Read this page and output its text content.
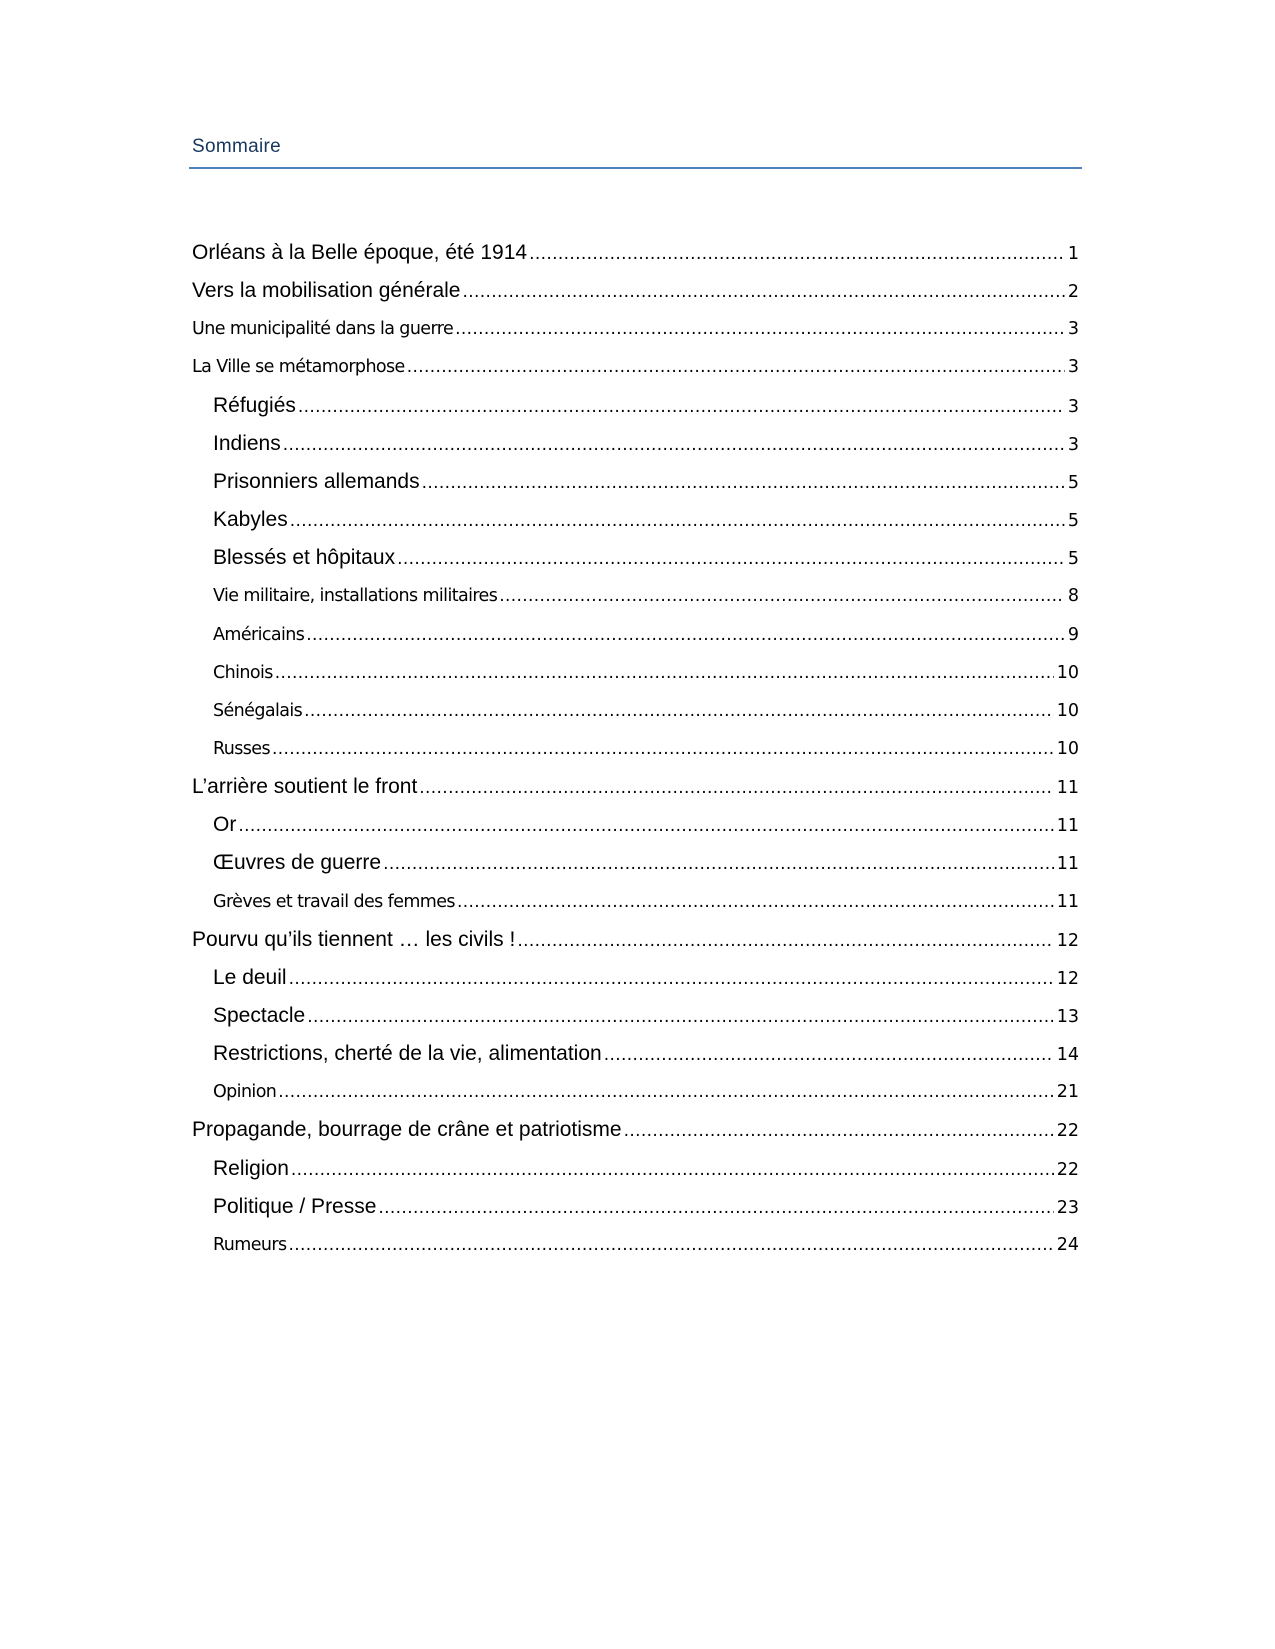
Sommaire
Orléans à la Belle époque, été 1914 .....	1
Vers la mobilisation générale .....	2
Une municipalité dans la guerre .....	3
La Ville se métamorphose .....	3
Réfugiés .....	3
Indiens .....	3
Prisonniers allemands .....	5
Kabyles .....	5
Blessés et hôpitaux .....	5
Vie militaire, installations militaires .....	8
Américains .....	9
Chinois .....	10
Sénégalais .....	10
Russes .....	10
L’arrière soutient le front .....	11
Or .....	11
Œuvres de guerre .....	11
Grèves et travail des femmes .....	11
Pourvu qu’ils tiennent … les civils ! .....	12
Le deuil .....	12
Spectacle .....	13
Restrictions, cherté de la vie, alimentation .....	14
Opinion .....	21
Propagande, bourrage de crâne et patriotisme .....	22
Religion .....	22
Politique / Presse .....	23
Rumeurs .....	24
